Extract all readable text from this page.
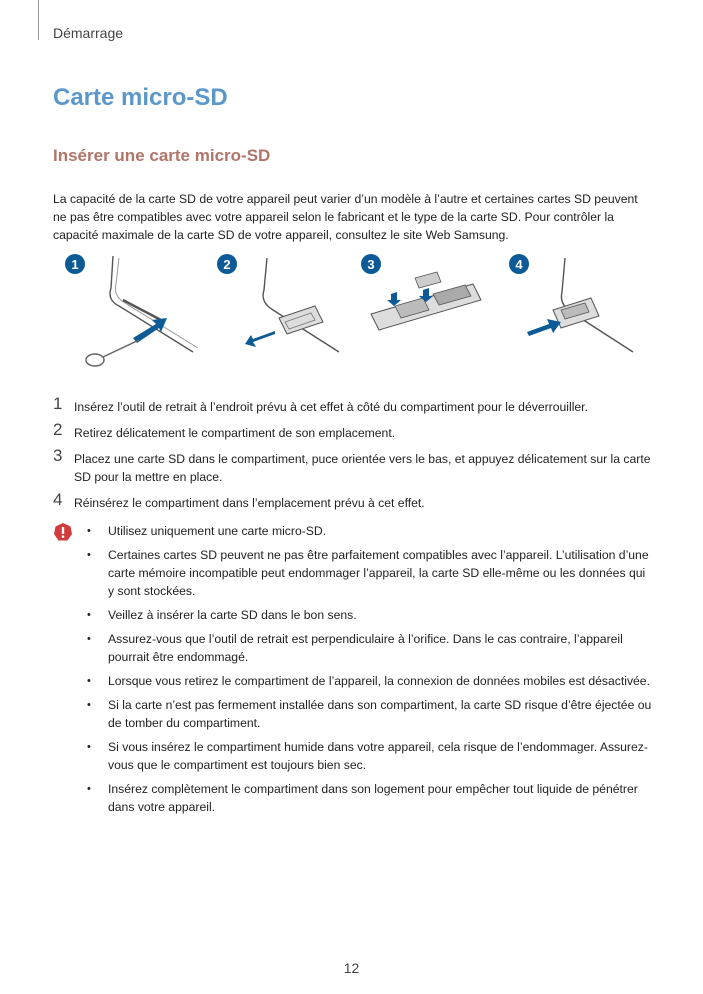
Démarrage
Carte micro-SD
Insérer une carte micro-SD

La capacité de la carte SD de votre appareil peut varier d’un modèle à l’autre et certaines cartes SD peuvent ne pas être compatibles avec votre appareil selon le fabricant et le type de la carte SD. Pour contrôler la capacité maximale de la carte SD de votre appareil, consultez le site Web Samsung.

1	2	3	4
1 Insérez l’outil de retrait à l’endroit prévu à cet effet à côté du compartiment pour le déverrouiller.
2 Retirez délicatement le compartiment de son emplacement.
3 Placez une carte SD dans le compartiment, puce orientée vers le bas, et appuyez délicatement sur la carte SD pour la mettre en place.
4 Réinsérez le compartiment dans l’emplacement prévu à cet effet.
• Utilisez uniquement une carte micro-SD.
• Certaines cartes SD peuvent ne pas être parfaitement compatibles avec l’appareil. L’utilisation d’une carte mémoire incompatible peut endommager l’appareil, la carte SD elle-même ou les données qui y sont stockées.
• Veillez à insérer la carte SD dans le bon sens.
• Assurez-vous que l’outil de retrait est perpendiculaire à l’orifice. Dans le cas contraire, l’appareil pourrait être endommagé.
• Lorsque vous retirez le compartiment de l’appareil, la connexion de données mobiles est désactivée.
• Si la carte n’est pas fermement installée dans son compartiment, la carte SD risque d’être éjectée ou de tomber du compartiment.
• Si vous insérez le compartiment humide dans votre appareil, cela risque de l’endommager. Assurez-vous que le compartiment est toujours bien sec.
• Insérez complètement le compartiment dans son logement pour empêcher tout liquide de pénétrer dans votre appareil.
12
